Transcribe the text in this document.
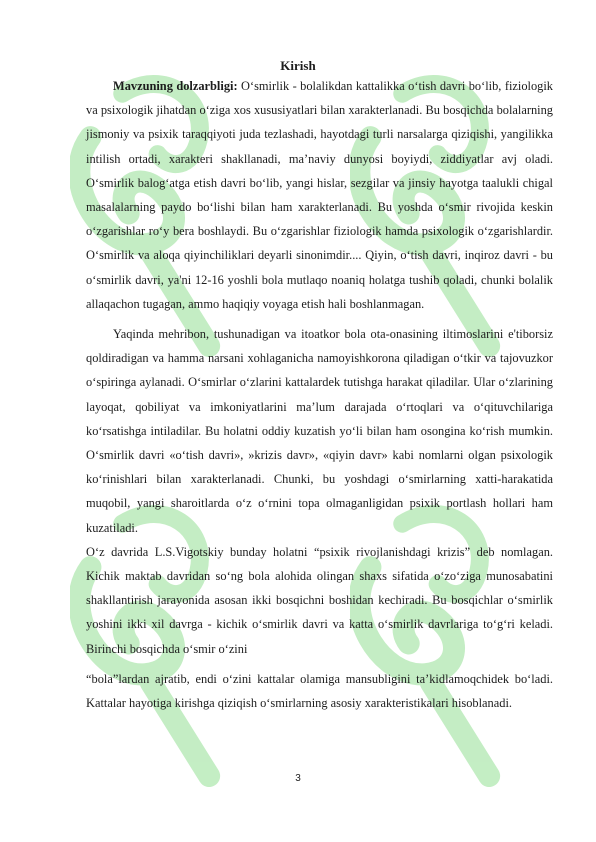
Kirish

Mavzuning dolzarbligi: O‘smirlik - bolalikdan kattalikka o‘tish davri bo‘lib, fiziologik va psixologik jihatdan o‘ziga xos xususiyatlari bilan xarakterlanadi. Bu bosqichda bolalarning jismoniy va psixik taraqqiyoti juda tezlashadi, hayotdagi turli narsalarga qiziqishi, yangilikka intilish ortadi, xarakteri shakllanadi, ma’naviy dunyosi boyiydi, ziddiyatlar avj oladi. O‘smirlik balog‘atga etish davri bo‘lib, yangi hislar, sezgilar va jinsiy hayotga taalukli chigal masalalarning paydo bo‘lishi bilan ham xarakterlanadi. Bu yoshda o‘smir rivojida keskin o‘zgarishlar ro‘y bera boshlaydi. Bu o‘zgarishlar fiziologik hamda psixologik o‘zgarishlardir. O‘smirlik va aloqa qiyinchiliklari deyarli sinonimdir.... Qiyin, o‘tish davri, inqiroz davri - bu o‘smirlik davri, ya'ni 12-16 yoshli bola mutlaqo noaniq holatga tushib qoladi, chunki bolalik allaqachon tugagan, ammo haqiqiy voyaga etish hali boshlanmagan.

Yaqinda mehribon, tushunadigan va itoatkor bola ota-onasining iltimoslarini e'tiborsiz qoldiradigan va hamma narsani xohlaganicha namoyishkorona qiladigan o‘tkir va tajovuzkor o‘spiringa aylanadi. O‘smirlar o‘zlarini kattalardek tutishga harakat qiladilar. Ular o‘zlarining layoqat, qobiliyat va imkoniyatlarini ma’lum darajada o‘rtoqlari va o‘qituvchilariga ko‘rsatishga intiladilar. Bu holatni oddiy kuzatish yo‘li bilan ham osongina ko‘rish mumkin. O‘smirlik davri «o‘tish davri», »krizis davr», «qiyin davr» kabi nomlarni olgan psixologik ko‘rinishlari bilan xarakterlanadi. Chunki, bu yoshdagi o‘smirlarning xatti-harakatida muqobil, yangi sharoitlarda o‘z o‘rnini topa olmaganligidan psixik portlash hollari ham kuzatiladi.

O‘z davrida L.S.Vigotskiy bunday holatni “psixik rivojlanishdagi krizis” deb nomlagan. Kichik maktab davridan so‘ng bola alohida olingan shaxs sifatida o‘zo‘ziga munosabatini shakllantirish jarayonida asosan ikki bosqichni boshidan kechiradi. Bu bosqichlar o‘smirlik yoshini ikki xil davrga - kichik o‘smirlik davri va katta o‘smirlik davrlariga to‘g‘ri keladi. Birinchi bosqichda o‘smir o‘zini

“bola”lardan ajratib, endi o‘zini kattalar olamiga mansubligini ta’kidlamoqchidek bo‘ladi. Kattalar hayotiga kirishga qiziqish o‘smirlarning asosiy xarakteristikalari hisoblanadi.

3
